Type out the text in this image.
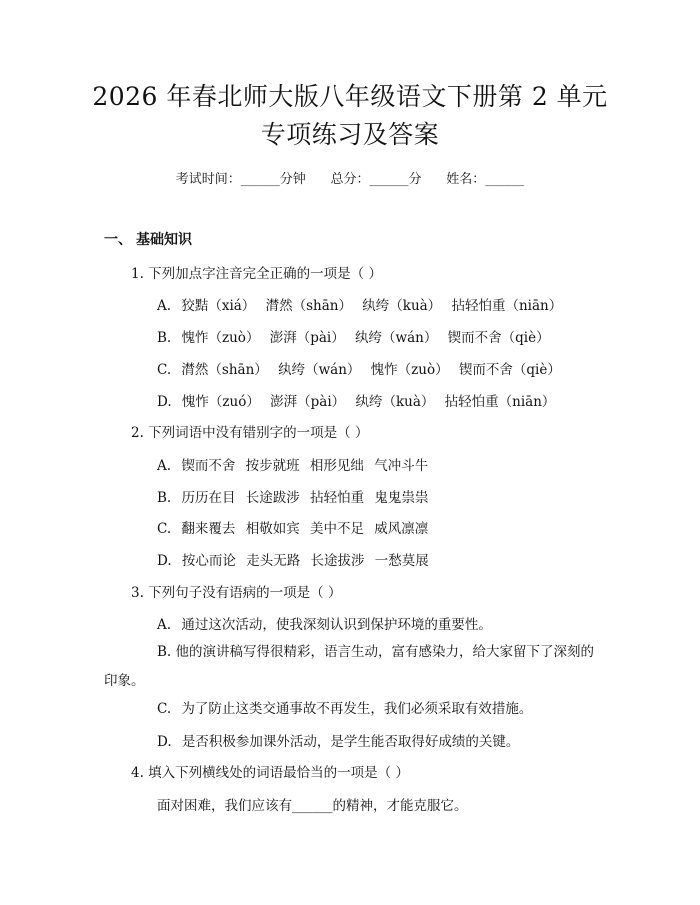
2026 年春北师大版八年级语文下册第 2 单元
专项练习及答案
考试时间：______分钟      总分：______分      姓名：______
一、 基础知识
1. 下列加点字注音完全正确的一项是（ ）
A. 狡黠（xiá） 潸然（shān） 纨绔（kuà） 拈轻怕重（niān）
B. 愧怍（zuò） 澎湃（pài） 纨绔（wán） 锲而不舍（qiè）
C. 潸然（shān） 纨绔（wán） 愧怍（zuò） 锲而不舍（qiè）
D. 愧怍（zuó） 澎湃（pài） 纨绔（kuà） 拈轻怕重（niān）
2. 下列词语中没有错别字的一项是（ ）
A. 锲而不舍 按步就班 相形见绌 气冲斗牛
B. 历历在目 长途跋涉 拈轻怕重 鬼鬼祟祟
C. 翻来覆去 相敬如宾 美中不足 威风凛凛
D. 按心而论 走头无路 长途拔涉 一愁莫展
3. 下列句子没有语病的一项是（ ）
A. 通过这次活动，使我深刻认识到保护环境的重要性。
B. 他的演讲稿写得很精彩，语言生动，富有感染力，给大家留下了深刻的印象。
C. 为了防止这类交通事故不再发生，我们必须采取有效措施。
D. 是否积极参加课外活动，是学生能否取得好成绩的关键。
4. 填入下列横线处的词语最恰当的一项是（ ）
面对困难，我们应该有______的精神，才能克服它。
